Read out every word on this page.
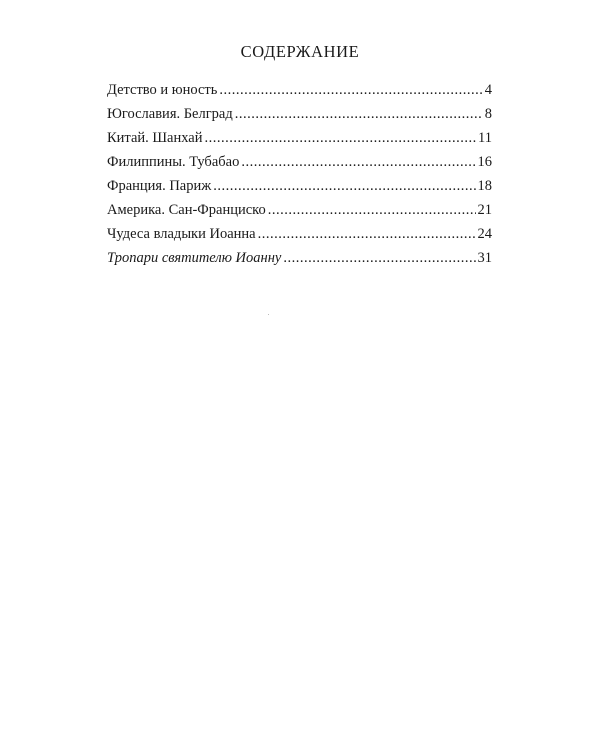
СОДЕРЖАНИЕ
Детство и юность .....	4
Югославия. Белград .....	8
Китай. Шанхай .....	11
Филиппины. Тубабао .....	16
Франция. Париж .....	18
Америка. Сан-Франциско .....	21
Чудеса владыки Иоанна .....	24
Тропари святителю Иоанну .....	31
